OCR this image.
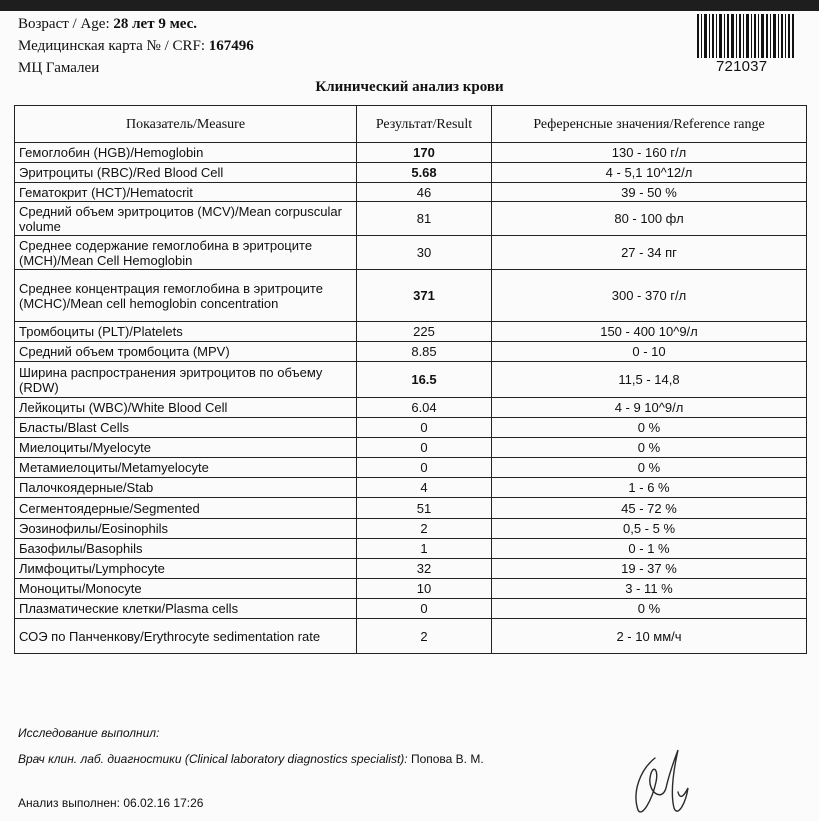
Возраст / Age: 28 лет 9 мес.
Медицинская карта № / CRF: 167496
МЦ Гамалеи	721037
Клинический анализ крови
Показатель/Measure	Результат/Result	Референсные значения/Reference range
Гемоглобин (HGB)/Hemoglobin	170	130 - 160 г/л
Эритроциты (RBC)/Red Blood Cell	5.68	4 - 5,1 10^12/л
Гематокрит (HCT)/Hematocrit	46	39 - 50 %
Средний объем эритроцитов (MCV)/Mean corpuscular volume	81	80 - 100 фл
Среднее содержание гемоглобина в эритроците (MCH)/Mean Cell Hemoglobin	30	27 - 34 пг
Среднее концентрация гемоглобина в эритроците (MCHC)/Mean cell hemoglobin concentration	371	300 - 370 г/л
Тромбоциты (PLT)/Platelets	225	150 - 400 10^9/л
Средний объем тромбоцита (MPV)	8.85	0 - 10
Ширина распространения эритроцитов по объему (RDW)	16.5	11,5 - 14,8
Лейкоциты (WBC)/White Blood Cell	6.04	4 - 9 10^9/л
Бласты/Blast Cells	0	0 %
Миелоциты/Myelocyte	0	0 %
Метамиелоциты/Metamyelocyte	0	0 %
Палочкоядерные/Stab	4	1 - 6 %
Сегментоядерные/Segmented	51	45 - 72 %
Эозинофилы/Eosinophils	2	0,5 - 5 %
Базофилы/Basophils	1	0 - 1 %
Лимфоциты/Lymphocyte	32	19 - 37 %
Моноциты/Monocyte	10	3 - 11 %
Плазматические клетки/Plasma cells	0	0 %
СОЭ по Панченкову/Erythrocyte sedimentation rate	2	2 - 10 мм/ч
Исследование выполнил:
Врач клин. лаб. диагностики (Clinical laboratory diagnostics specialist): Попова В. М.
Анализ выполнен: 06.02.16 17:26
